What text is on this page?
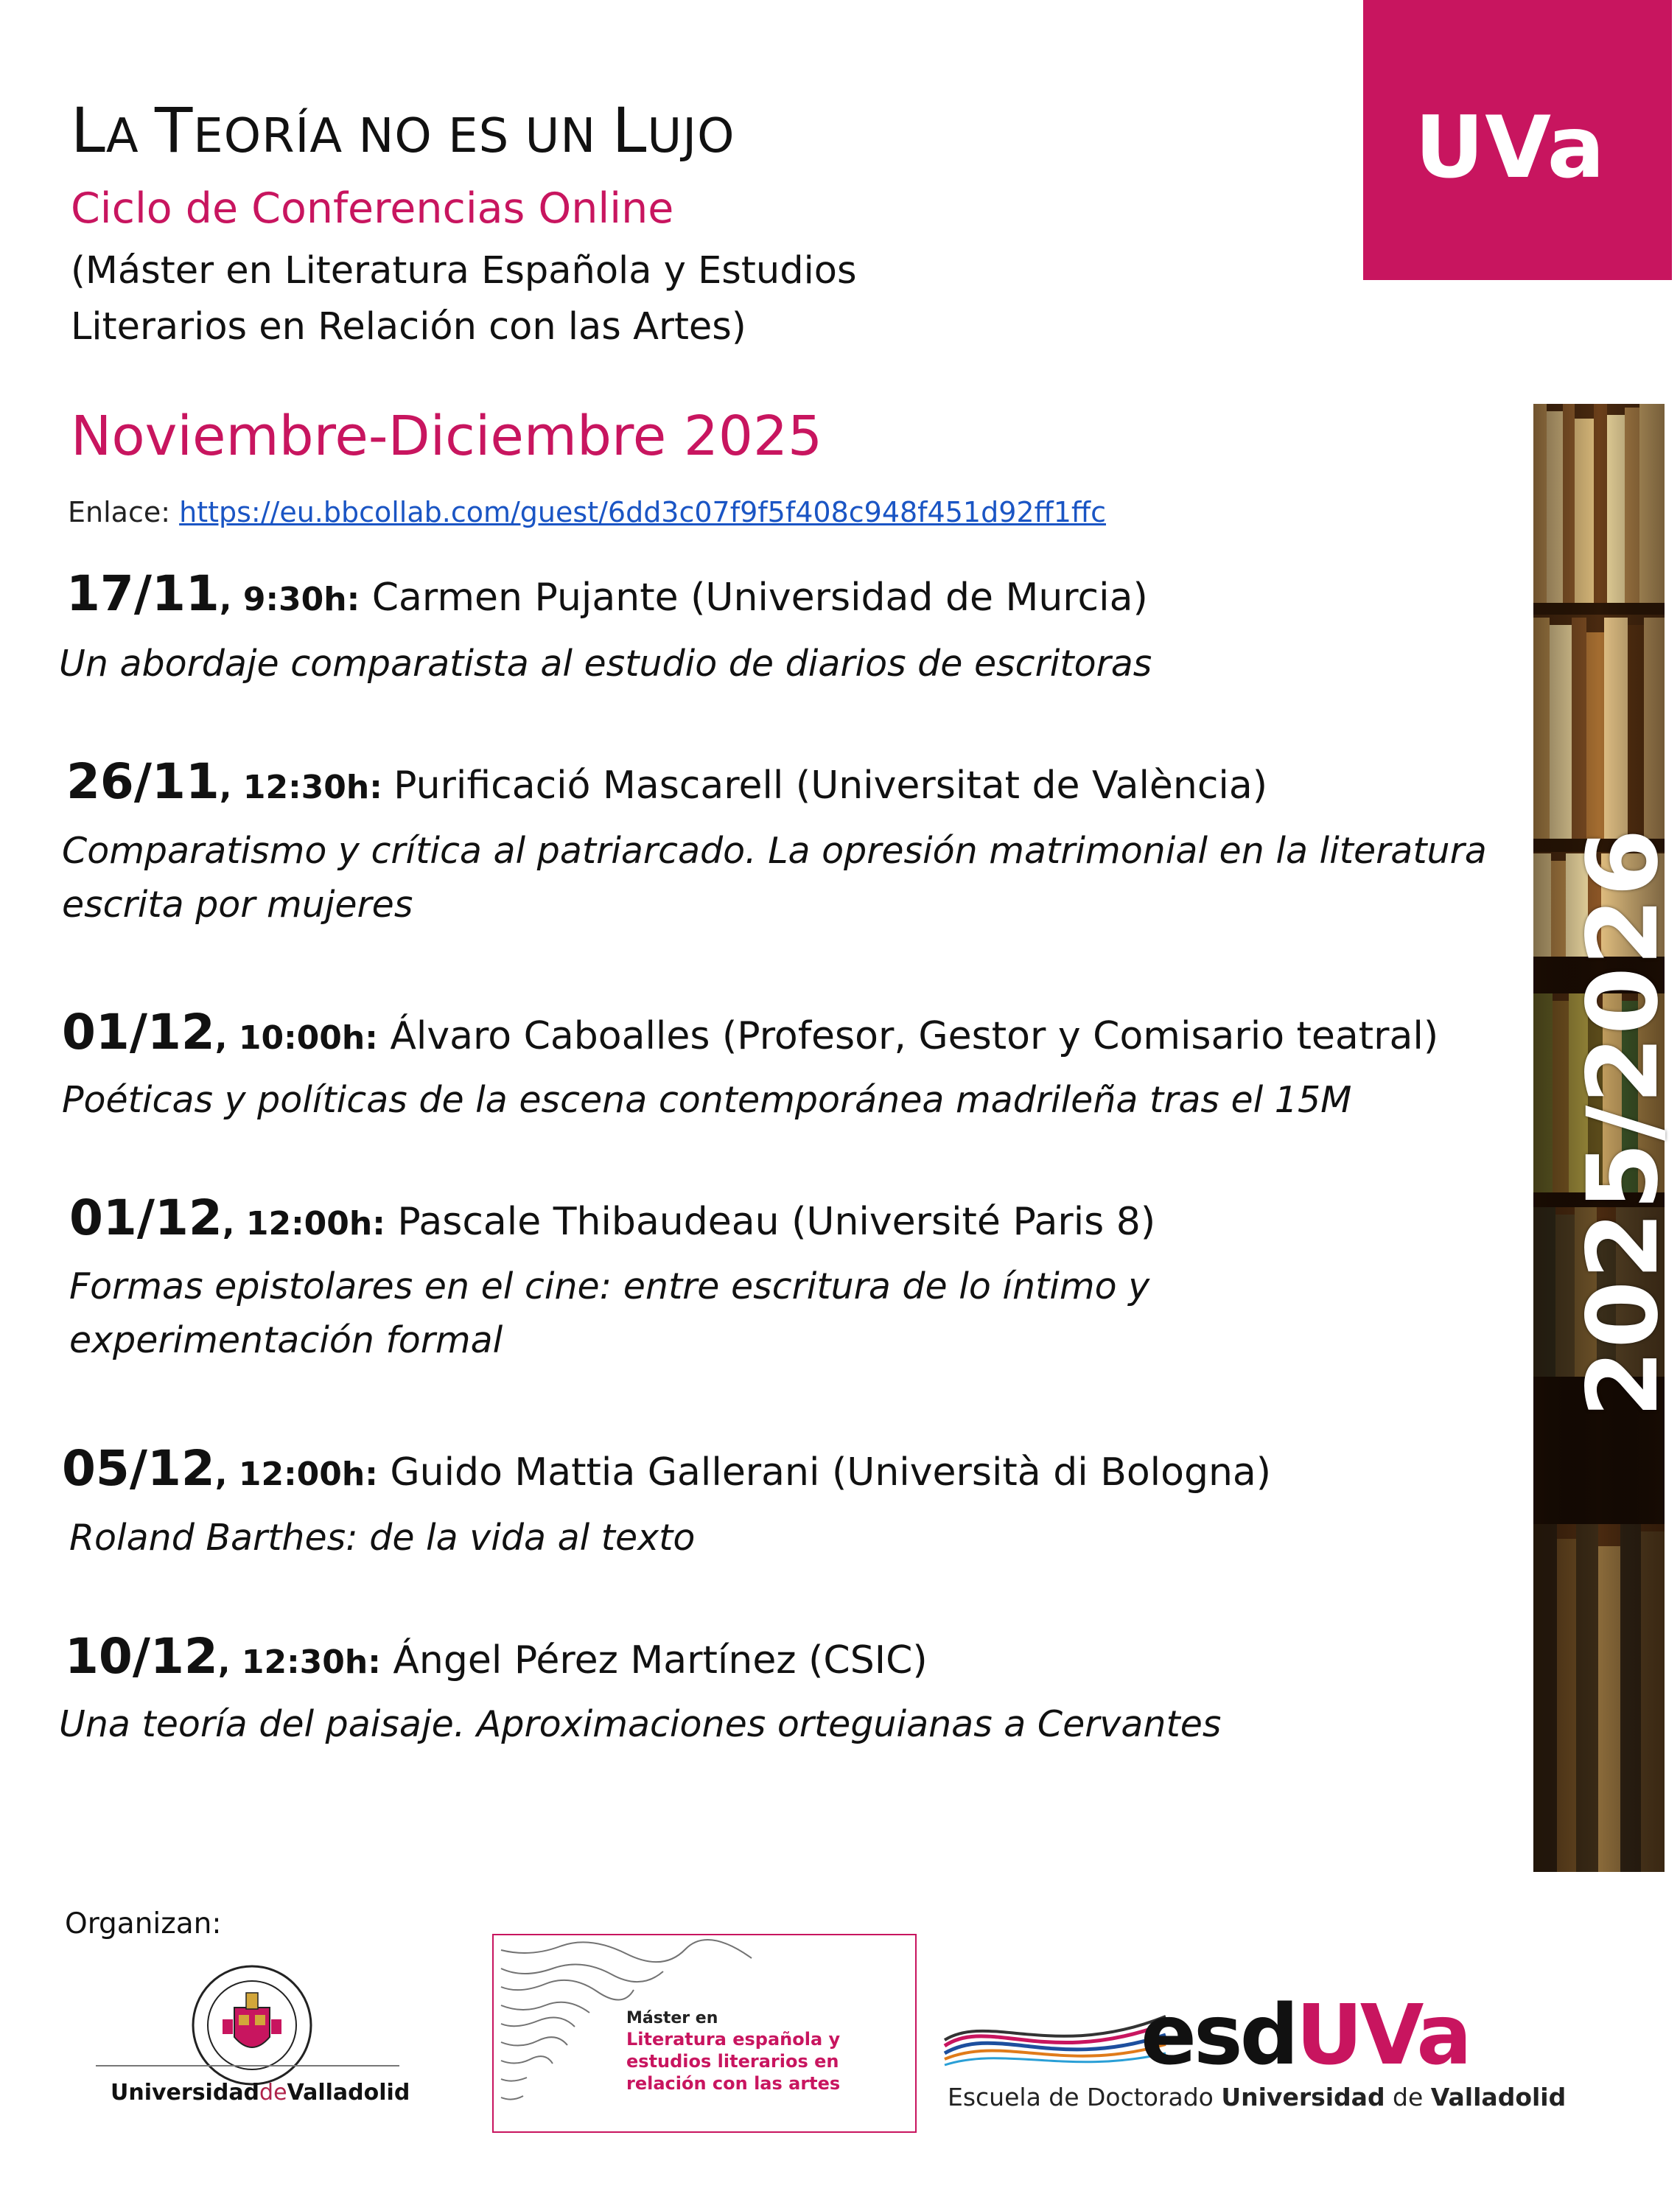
UVa
LA TEORÍA NO ES UN LUJO
Ciclo de Conferencias Online
(Máster en Literatura Española y Estudios
Literarios en Relación con las Artes)
Noviembre-Diciembre 2025
Enlace: https://eu.bbcollab.com/guest/6dd3c07f9f5f408c948f451d92ff1ffc
2025/2026
17/11, 9:30h: Carmen Pujante (Universidad de Murcia)
Un abordaje comparatista al estudio de diarios de escritoras
26/11, 12:30h: Purificació Mascarell (Universitat de València)
Comparatismo y crítica al patriarcado. La opresión matrimonial en la literatura escrita por mujeres
01/12, 10:00h: Álvaro Caboalles (Profesor, Gestor y Comisario teatral)
Poéticas y políticas de la escena contemporánea madrileña tras el 15M
01/12, 12:00h: Pascale Thibaudeau (Université Paris 8)
Formas epistolares en el cine: entre escritura de lo íntimo y experimentación formal
05/12, 12:00h: Guido Mattia Gallerani (Università di Bologna)
Roland Barthes: de la vida al texto
10/12, 12:30h: Ángel Pérez Martínez (CSIC)
Una teoría del paisaje. Aproximaciones orteguianas a Cervantes
Organizan:
UniversidaddeValladolid
Máster en
Literatura española y estudios literarios en relación con las artes	esdUVa
Escuela de Doctorado Universidad de Valladolid
